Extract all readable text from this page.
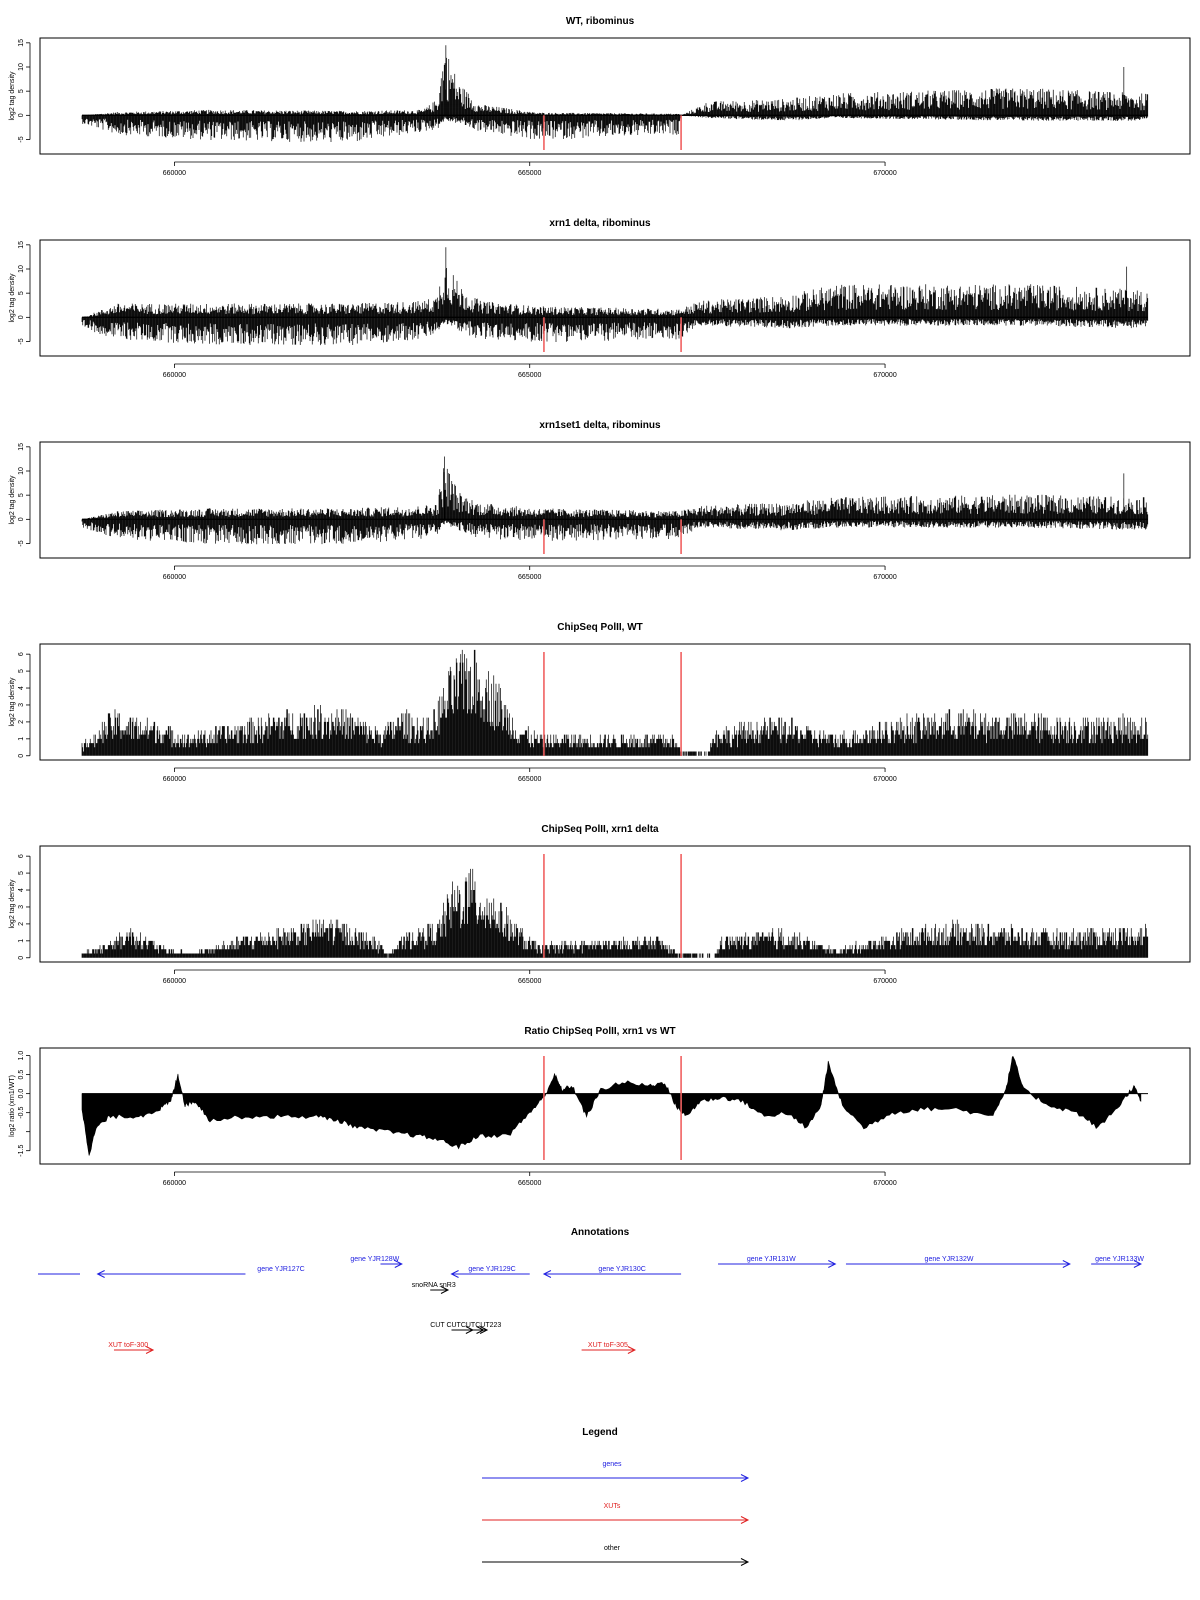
WT, ribominus
-5
0
5
10
15
log2 tag density
660000	665000	670000
xrn1 delta, ribominus
-5
0
5
10
15
log2 tag density
660000	665000	670000
xrn1set1 delta, ribominus
-5
0
5
10
15
log2 tag density
660000	665000	670000
ChipSeq PolII, WT
0
1
2
3
4
5
6
log2 tag density
660000	665000	670000
ChipSeq PolII, xrn1 delta
0
1
2
3
4
5
6
log2 tag density
660000	665000	670000
Ratio ChipSeq PolII, xrn1 vs WT
-1.5
-0.5
0.0
0.5
1.0
log2 ratio (xrn1/WT)
660000	665000	670000
Annotations
gene YJR127C
gene YJR128W
gene YJR129C	gene YJR130C
gene YJR131W	gene YJR132W	gene YJR133W
snoRNA snR3
CUT CUTCUTCUT223
XUT toF-300	XUT toF-305
Legend
genes
XUTs
other
